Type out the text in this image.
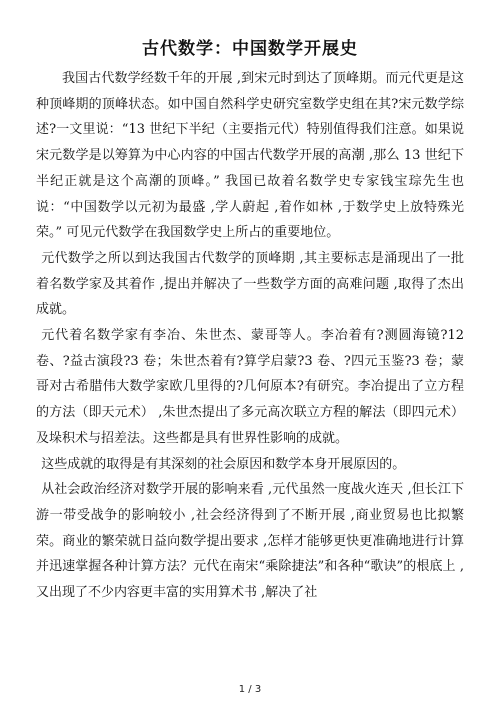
古代数学：中国数学开展史

我国古代数学经数千年的开展 ,到宋元时到达了顶峰期。而元代更是这种顶峰期的顶峰状态。如中国自然科学史研究室数学史组在其?宋元数学综述?一文里说：“13 世纪下半纪（主要指元代）特别值得我们注意。如果说宋元数学是以筹算为中心内容的中国古代数学开展的高潮 ,那么 13 世纪下半纪正就是这个高潮的顶峰。” 我国已故着名数学史专家钱宝琮先生也说：“中国数学以元初为最盛 ,学人蔚起 ,着作如林 ,于数学史上放特殊光荣。” 可见元代数学在我国数学史上所占的重要地位。

元代数学之所以到达我国古代数学的顶峰期 ,其主要标志是涌现出了一批着名数学家及其着作 ,提出并解决了一些数学方面的高难问题 ,取得了杰出成就。

元代着名数学家有李冶、朱世杰、蒙哥等人。李冶着有?测圆海镜?12 卷、?益古演段?3 卷；朱世杰着有?算学启蒙?3 卷、?四元玉鉴?3 卷；蒙哥对古希腊伟大数学家欧几里得的?几何原本?有研究。李冶提出了立方程的方法（即天元术） ,朱世杰提出了多元高次联立方程的解法（即四元术）及垛积术与招差法。这些都是具有世界性影响的成就。

这些成就的取得是有其深刻的社会原因和数学本身开展原因的。

从社会政治经济对数学开展的影响来看 ,元代虽然一度战火连天 ,但长江下游一带受战争的影响较小 ,社会经济得到了不断开展 ,商业贸易也比拟繁荣。商业的繁荣就日益向数学提出要求 ,怎样才能够更快更准确地进行计算并迅速掌握各种计算方法？元代在南宋“乘除捷法”和各种“歌诀”的根底上 ,又出现了不少内容更丰富的实用算术书 ,解决了社

1 / 3
